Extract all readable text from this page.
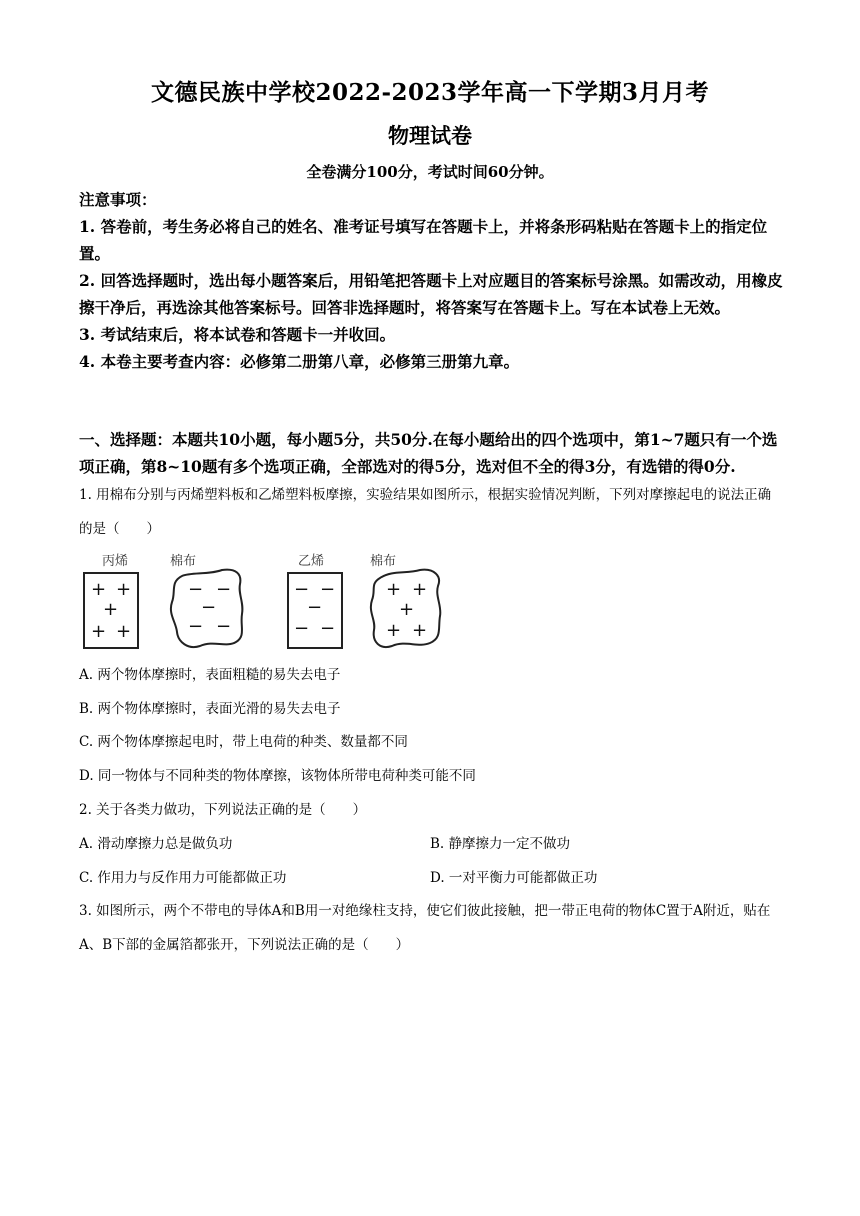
文德民族中学校2022-2023学年高一下学期3月月考
物理试卷
全卷满分100分，考试时间60分钟。
注意事项：
1. 答卷前，考生务必将自己的姓名、准考证号填写在答题卡上，并将条形码粘贴在答题卡上的指定位置。
2. 回答选择题时，选出每小题答案后，用铅笔把答题卡上对应题目的答案标号涂黑。如需改动，用橡皮擦干净后，再选涂其他答案标号。回答非选择题时，将答案写在答题卡上。写在本试卷上无效。
3. 考试结束后，将本试卷和答题卡一并收回。
4. 本卷主要考查内容：必修第二册第八章，必修第三册第九章。
一、选择题：本题共10小题，每小题5分，共50分.在每小题给出的四个选项中，第1~7题只有一个选项正确，第8~10题有多个选项正确，全部选对的得5分，选对但不全的得3分，有选错的得0分.
1. 用棉布分别与丙烯塑料板和乙烯塑料板摩擦，实验结果如图所示，根据实验情况判断，下列对摩擦起电的说法正确的是（　　）
丙烯
+ +
+
+ +
棉布
− −
−
− −
乙烯
− −
−
− −
棉布
+ +
+
+ +
A. 两个物体摩擦时，表面粗糙的易失去电子
B. 两个物体摩擦时，表面光滑的易失去电子
C. 两个物体摩擦起电时，带上电荷的种类、数量都不同
D. 同一物体与不同种类的物体摩擦，该物体所带电荷种类可能不同
2. 关于各类力做功，下列说法正确的是（　　）
A. 滑动摩擦力总是做负功	B. 静摩擦力一定不做功
C. 作用力与反作用力可能都做正功	D. 一对平衡力可能都做正功
3. 如图所示，两个不带电的导体A和B用一对绝缘柱支持，使它们彼此接触，把一带正电荷的物体C置于A附近，贴在A、B下部的金属箔都张开，下列说法正确的是（　　）
